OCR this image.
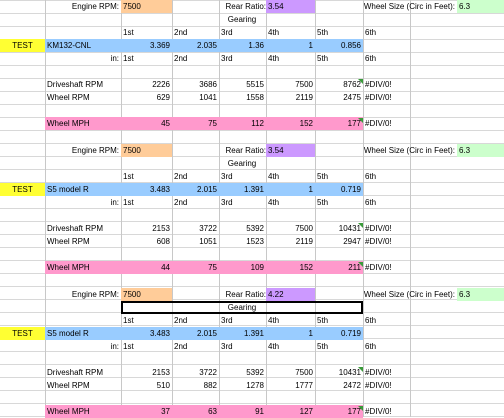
Engine RPM: 7500	Rear Ratio: 3.54	Wheel Size (Circ in Feet): 6.3
Gearing
1st	2nd	3rd	4th	5th	6th
TEST	KM132-CNL	3.369	2.035	1.36	1	0.856
in: 1st	2nd	3rd	4th	5th	6th
Driveshaft RPM	2226	3686	5515	7500	8762 #DIV/0!
Wheel RPM	629	1041	1558	2119	2475 #DIV/0!
Wheel MPH	45	75	112	152	177 #DIV/0!
Engine RPM: 7500	Rear Ratio: 3.54	Wheel Size (Circ in Feet): 6.3
Gearing
1st	2nd	3rd	4th	5th	6th
TEST	S5 model R	3.483	2.015	1.391	1	0.719
in: 1st	2nd	3rd	4th	5th	6th
Driveshaft RPM	2153	3722	5392	7500	10431 #DIV/0!
Wheel RPM	608	1051	1523	2119	2947 #DIV/0!
Wheel MPH	44	75	109	152	211 #DIV/0!
Engine RPM: 7500	Rear Ratio: 4.22	Wheel Size (Circ in Feet): 6.3
Gearing
1st	2nd	3rd	4th	5th	6th
TEST	S5 model R	3.483	2.015	1.391	1	0.719
in: 1st	2nd	3rd	4th	5th	6th
Driveshaft RPM	2153	3722	5392	7500	10431 #DIV/0!
Wheel RPM	510	882	1278	1777	2472 #DIV/0!
Wheel MPH	37	63	91	127	177 #DIV/0!
